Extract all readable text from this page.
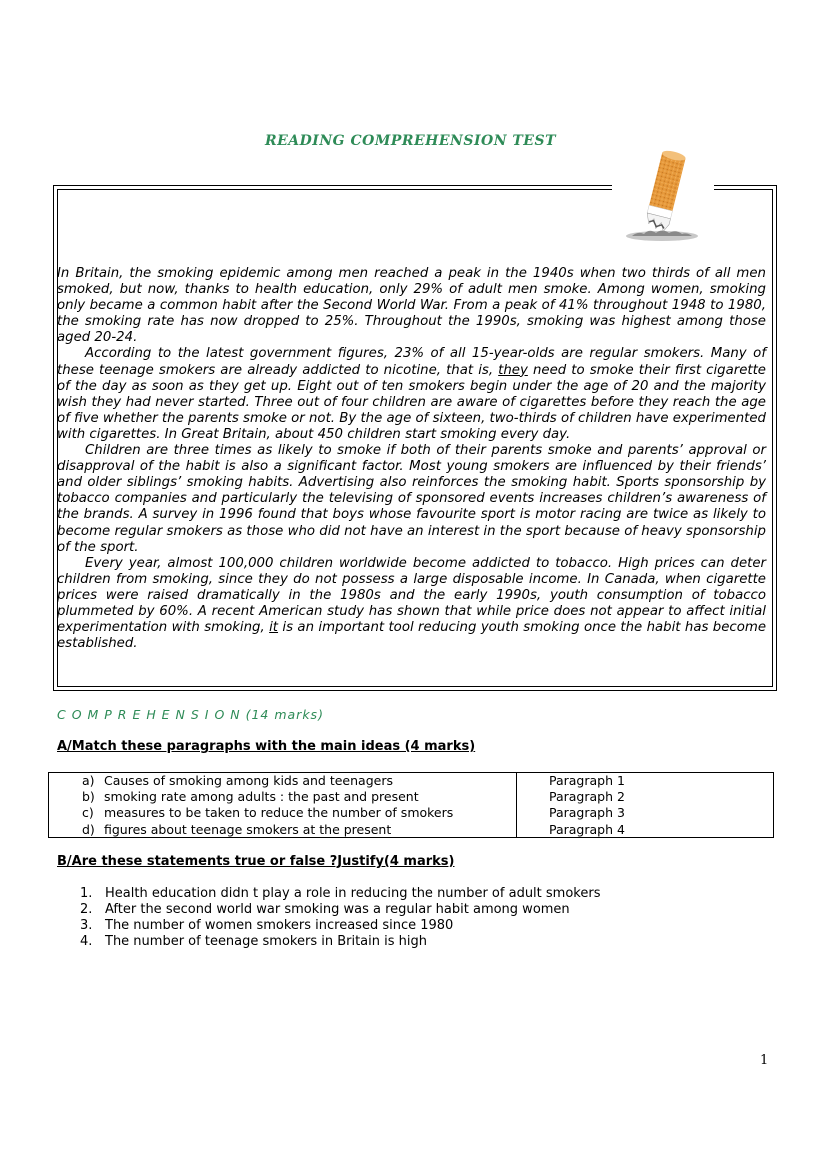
READING COMPREHENSION TEST

In Britain, the smoking epidemic among men reached a peak in the 1940s when two thirds of all men smoked, but now, thanks to health education, only 29% of adult men smoke. Among women, smoking only became a common habit after the Second World War. From a peak of 41% throughout 1948 to 1980, the smoking rate has now dropped to 25%. Throughout the 1990s, smoking was highest among those aged 20-24.

According to the latest government figures, 23% of all 15-year-olds are regular smokers. Many of these teenage smokers are already addicted to nicotine, that is, they need to smoke their first cigarette of the day as soon as they get up. Eight out of ten smokers begin under the age of 20 and the majority wish they had never started. Three out of four children are aware of cigarettes before they reach the age of five whether the parents smoke or not. By the age of sixteen, two-thirds of children have experimented with cigarettes. In Great Britain, about 450 children start smoking every day.

Children are three times as likely to smoke if both of their parents smoke and parents’ approval or disapproval of the habit is also a significant factor. Most young smokers are influenced by their friends’ and older siblings’ smoking habits. Advertising also reinforces the smoking habit. Sports sponsorship by tobacco companies and particularly the televising of sponsored events increases children’s awareness of the brands. A survey in 1996 found that boys whose favourite sport is motor racing are twice as likely to become regular smokers as those who did not have an interest in the sport because of heavy sponsorship of the sport.

Every year, almost 100,000 children worldwide become addicted to tobacco. High prices can deter children from smoking, since they do not possess a large disposable income. In Canada, when cigarette prices were raised dramatically in the 1980s and the early 1990s, youth consumption of tobacco plummeted by 60%. A recent American study has shown that while price does not appear to affect initial experimentation with smoking, it is an important tool reducing youth smoking once the habit has become established.

C O M P R E H E N S I O N (14 marks)
A/Match these paragraphs with the main ideas (4 marks)
a) Causes of smoking among kids and teenagers	Paragraph 1
b) smoking rate among adults : the past and present	Paragraph 2
c) measures to be taken to reduce the number of smokers	Paragraph 3
d) figures about teenage smokers at the present	Paragraph 4
B/Are these statements true or false ?Justify(4 marks)
1. Health education didn t play a role in reducing the number of adult smokers
2. After the second world war smoking was a regular habit among women
3. The number of women smokers increased since 1980
4. The number of teenage smokers in Britain is high
1
